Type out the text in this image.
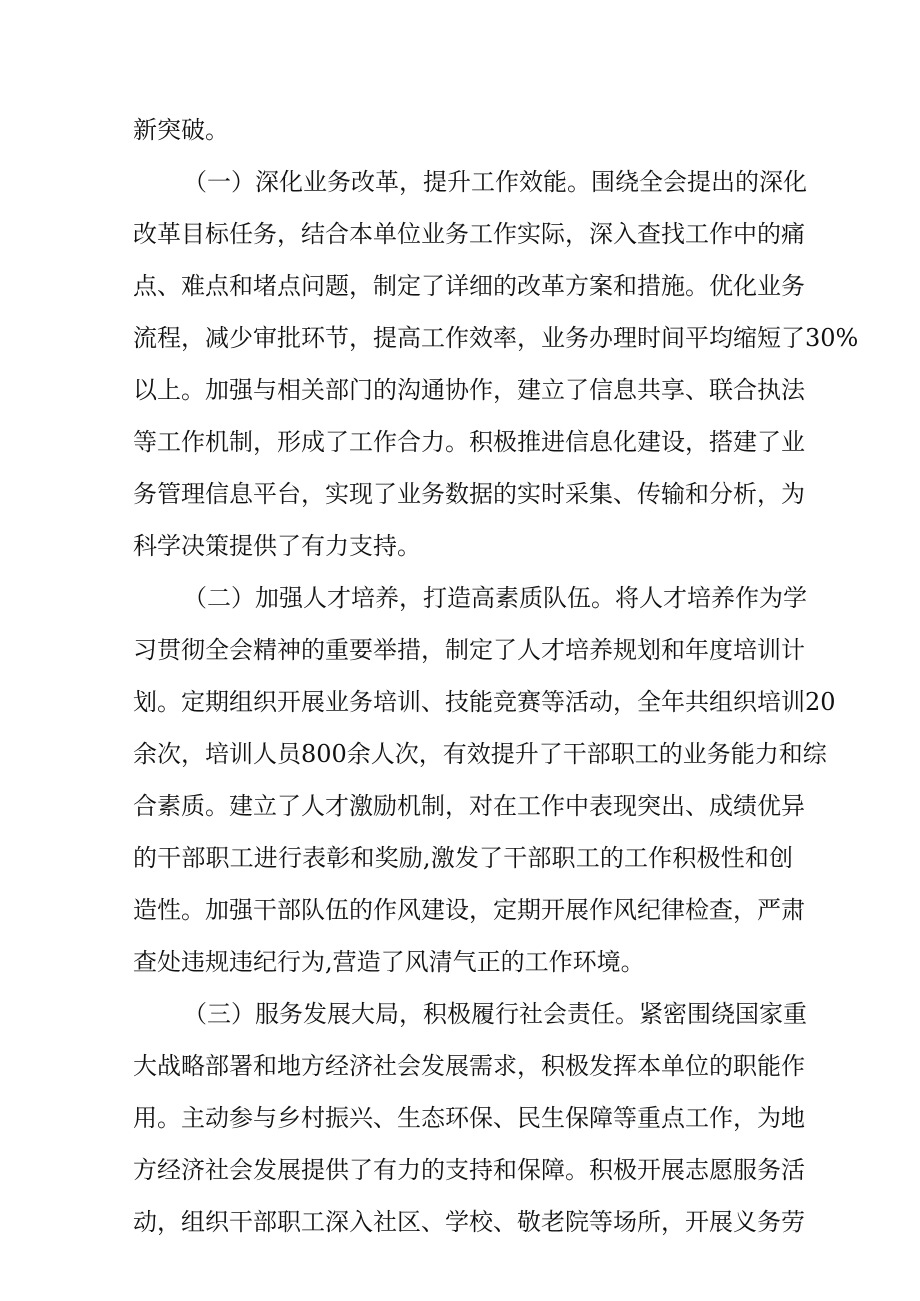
新突破。

（一）深化业务改革，提升工作效能。围绕全会提出的深化

改革目标任务，结合本单位业务工作实际，深入查找工作中的痛

点、难点和堵点问题，制定了详细的改革方案和措施。优化业务

流程，减少审批环节，提高工作效率，业务办理时间平均缩短了30%

以上。加强与相关部门的沟通协作，建立了信息共享、联合执法

等工作机制，形成了工作合力。积极推进信息化建设，搭建了业

务管理信息平台，实现了业务数据的实时采集、传输和分析，为

科学决策提供了有力支持。

（二）加强人才培养，打造高素质队伍。将人才培养作为学

习贯彻全会精神的重要举措，制定了人才培养规划和年度培训计

划。定期组织开展业务培训、技能竞赛等活动，全年共组织培训20

余次，培训人员800余人次，有效提升了干部职工的业务能力和综

合素质。建立了人才激励机制，对在工作中表现突出、成绩优异

的干部职工进行表彰和奖励,激发了干部职工的工作积极性和创

造性。加强干部队伍的作风建设，定期开展作风纪律检查，严肃

查处违规违纪行为,营造了风清气正的工作环境。

（三）服务发展大局，积极履行社会责任。紧密围绕国家重

大战略部署和地方经济社会发展需求，积极发挥本单位的职能作

用。主动参与乡村振兴、生态环保、民生保障等重点工作，为地

方经济社会发展提供了有力的支持和保障。积极开展志愿服务活

动，组织干部职工深入社区、学校、敬老院等场所，开展义务劳
